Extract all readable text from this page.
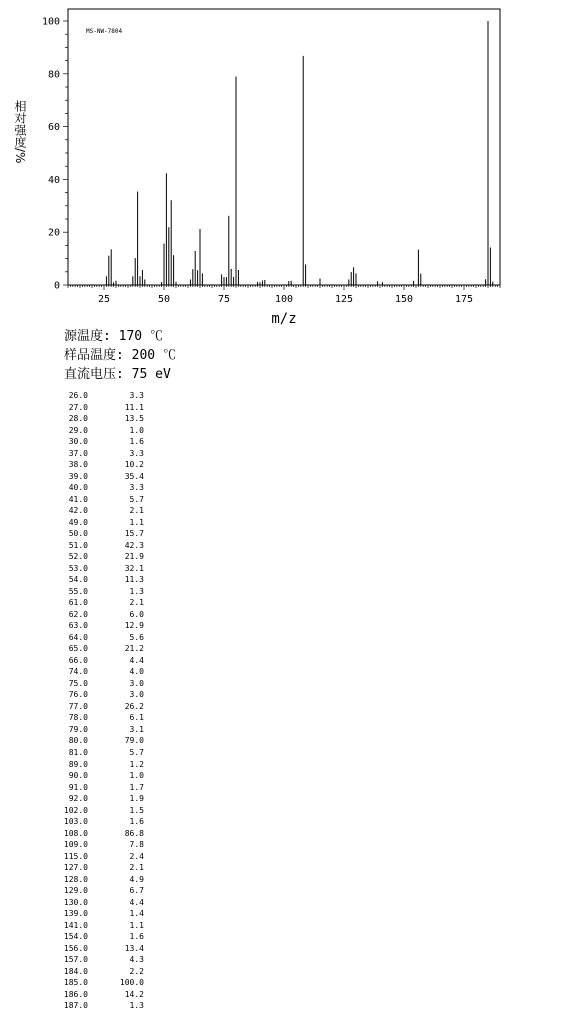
25	50	75	100	125	150	175
0
20
40
60
80
100
MS-NW-7804
m/z
相对强度/%
源温度: 170 ℃
样品温度: 200 ℃
直流电压: 75 eV
26.0	3.3
27.0	11.1
28.0	13.5
29.0	1.0
30.0	1.6
37.0	3.3
38.0	10.2
39.0	35.4
40.0	3.3
41.0	5.7
42.0	2.1
49.0	1.1
50.0	15.7
51.0	42.3
52.0	21.9
53.0	32.1
54.0	11.3
55.0	1.3
61.0	2.1
62.0	6.0
63.0	12.9
64.0	5.6
65.0	21.2
66.0	4.4
74.0	4.0
75.0	3.0
76.0	3.0
77.0	26.2
78.0	6.1
79.0	3.1
80.0	79.0
81.0	5.7
89.0	1.2
90.0	1.0
91.0	1.7
92.0	1.9
102.0	1.5
103.0	1.6
108.0	86.8
109.0	7.8
115.0	2.4
127.0	2.1
128.0	4.9
129.0	6.7
130.0	4.4
139.0	1.4
141.0	1.1
154.0	1.6
156.0	13.4
157.0	4.3
184.0	2.2
185.0	100.0
186.0	14.2
187.0	1.3
